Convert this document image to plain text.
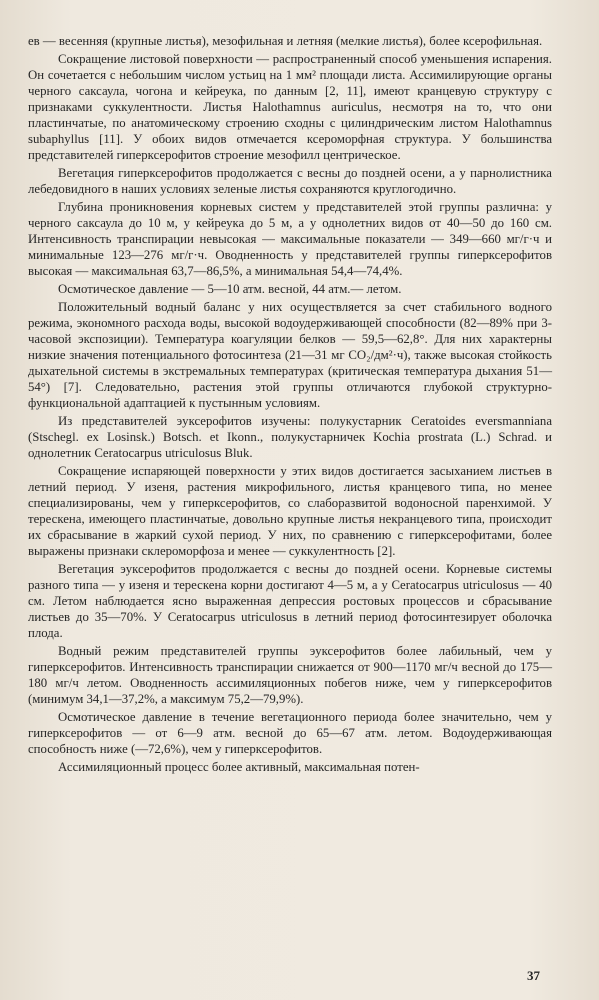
ев — весенняя (крупные листья), мезофильная и летняя (мелкие листья), более ксерофильная.

Сокращение листовой поверхности — распространенный способ уменьшения испарения. Он сочетается с небольшим числом устьиц на 1 мм² площади листа. Ассимилирующие органы черного саксаула, чогона и кейреука, по данным [2, 11], имеют кранцевую структуру с признаками суккулентности. Листья Halothamnus auriculus, несмотря на то, что они пластинчатые, по анатомическому строению сходны с цилиндрическим листом Halothamnus subaphyllus [11]. У обоих видов отмечается ксероморфная структура. У большинства представителей гиперксерофитов строение мезофилл центрическое.

Вегетация гиперксерофитов продолжается с весны до поздней осени, а у парнолистника лебедовидного в наших условиях зеленые листья сохраняются круглогодично.

Глубина проникновения корневых систем у представителей этой группы различна: у черного саксаула до 10 м, у кейреука до 5 м, а у однолетних видов от 40—50 до 160 см. Интенсивность транспирации невысокая — максимальные показатели — 349—660 мг/г·ч и минимальные 123—276 мг/г·ч. Оводненность у представителей группы гиперксерофитов высокая — максимальная 63,7—86,5%, а минимальная 54,4—74,4%.

Осмотическое давление — 5—10 атм. весной, 44 атм.— летом.

Положительный водный баланс у них осуществляется за счет стабильного водного режима, экономного расхода воды, высокой водоудерживающей способности (82—89% при 3-часовой экспозиции). Температура коагуляции белков — 59,5—62,8°. Для них характерны низкие значения потенциального фотосинтеза (21—31 мг CO₂/дм²·ч), также высокая стойкость дыхательной системы в экстремальных температурах (критическая температура дыхания 51—54°) [7]. Следовательно, растения этой группы отличаются глубокой структурно-функциональной адаптацией к пустынным условиям.

Из представителей эуксерофитов изучены: полукустарник Ceratoides eversmanniana (Stschegl. ex Losinsk.) Botsch. et Ikonn., полукустарничек Kochia prostrata (L.) Schrad. и однолетник Ceratocarpus utriculosus Bluk.

Сокращение испаряющей поверхности у этих видов достигается засыханием листьев в летний период. У изеня, растения микрофильного, листья кранцевого типа, но менее специализированы, чем у гиперксерофитов, со слаборазвитой водоносной паренхимой. У терескена, имеющего пластинчатые, довольно крупные листья некранцевого типа, происходит их сбрасывание в жаркий сухой период. У них, по сравнению с гиперксерофитами, более выражены признаки склероморфоза и менее — суккулентность [2].

Вегетация эуксерофитов продолжается с весны до поздней осени. Корневые системы разного типа — у изеня и терескена корни достигают 4—5 м, а у Ceratocarpus utriculosus — 40 см. Летом наблюдается ясно выраженная депрессия ростовых процессов и сбрасывание листьев до 35—70%. У Ceratocarpus utriculosus в летний период фотосинтезирует оболочка плода.

Водный режим представителей группы эуксерофитов более лабильный, чем у гиперксерофитов. Интенсивность транспирации снижается от 900—1170 мг/ч весной до 175—180 мг/ч летом. Оводненность ассимиляционных побегов ниже, чем у гиперксерофитов (минимум 34,1—37,2%, а максимум 75,2—79,9%).

Осмотическое давление в течение вегетационного периода более значительно, чем у гиперксерофитов — от 6—9 атм. весной до 65—67 атм. летом. Водоудерживающая способность ниже (—72,6%), чем у гиперксерофитов.

Ассимиляционный процесс более активный, максимальная потен-

37
